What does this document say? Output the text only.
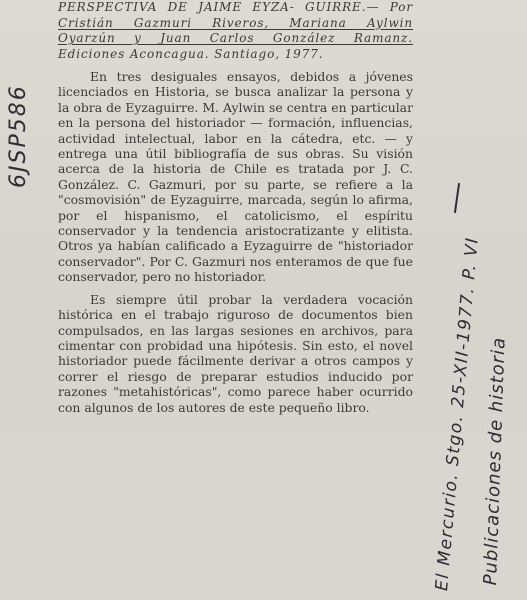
PERSPECTIVA DE JAIME EYZA- GUIRRE.— Por Cristián Gazmuri Riveros, Mariana Aylwin Oyarzún y Juan Carlos González Ramanz. Ediciones Aconcagua. Santiago, 1977.

En tres desiguales ensayos, debidos a jóvenes licenciados en Historia, se busca analizar la persona y la obra de Eyzaguirre. M. Aylwin se centra en particular en la persona del historiador — formación, influencias, actividad intelectual, labor en la cátedra, etc. — y entrega una útil bibliografía de sus obras. Su visión acerca de la historia de Chile es tratada por J. C. González. C. Gazmuri, por su parte, se refiere a la "cosmovisión" de Eyzaguirre, marcada, según lo afirma, por el hispanismo, el catolicismo, el espíritu conservador y la tendencia aristocratizante y elitista. Otros ya habían calificado a Eyzaguirre de "historiador conservador". Por C. Gazmuri nos enteramos de que fue conservador, pero no historiador.

Es siempre útil probar la verdadera vocación histórica en el trabajo riguroso de documentos bien compulsados, en las largas sesiones en archivos, para cimentar con probidad una hipótesis. Sin esto, el novel historiador puede fácilmente derivar a otros campos y correr el riesgo de preparar estudios inducido por razones "metahistóricas", como parece haber ocurrido con algunos de los autores de este pequeño libro.

6JSP586
El Mercurio. Stgo. 25-XII-1977. P. VI
Publicaciones de historia
